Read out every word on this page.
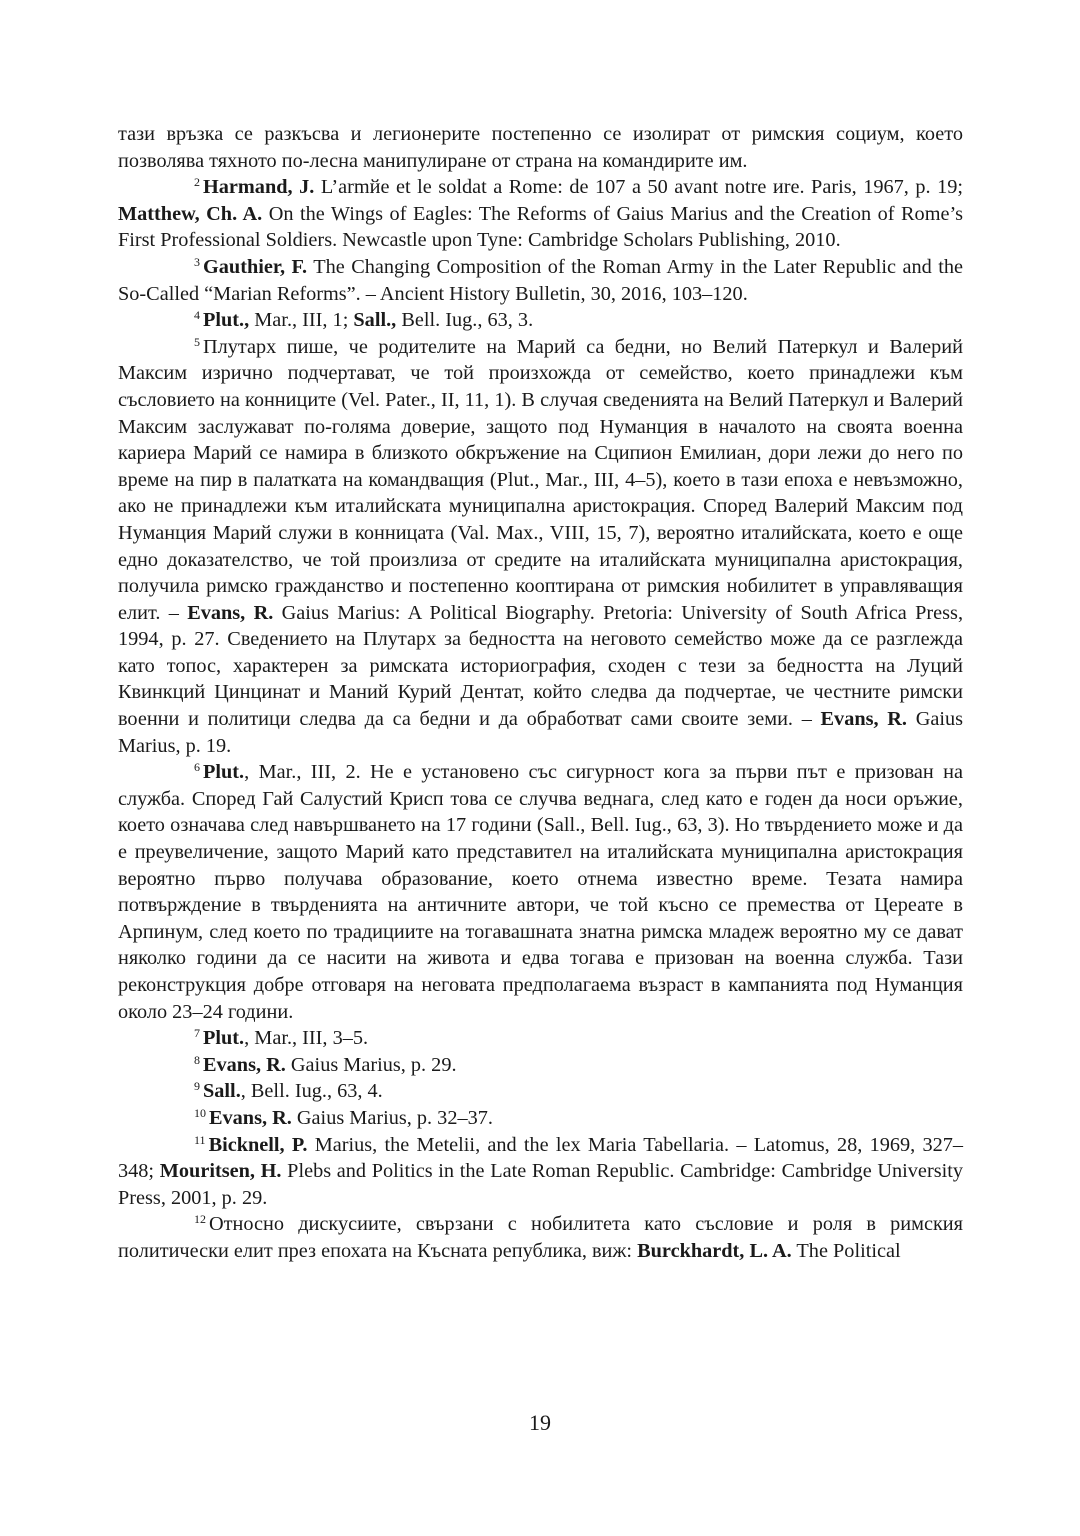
тази връзка се разкъсва и легионерите постепенно се изолират от римския социум, което позволява тяхното по-лесна манипулиране от страна на командирите им.

$^2$ Harmand, J. L’armйe et le soldat a Rome: de 107 a 50 avant notre иre. Paris, 1967, p. 19; Matthew, Ch. A. On the Wings of Eagles: The Reforms of Gaius Marius and the Creation of Rome’s First Professional Soldiers. Newcastle upon Tyne: Cambridge Scholars Publishing, 2010.

$^3$ Gauthier, F. The Changing Composition of the Roman Army in the Later Republic and the So-Called “Marian Reforms”. – Ancient History Bulletin, 30, 2016, 103–120.

$^4$ Plut., Mar., III, 1; Sall., Bell. Iug., 63, 3.

$^5$ Плутарх пише, че родителите на Марий са бедни, но Велий Патеркул и Валерий Максим изрично подчертават, че той произхожда от семейство, което принадлежи към съсловието на конниците (Vel. Pater., II, 11, 1). В случая сведенията на Велий Патеркул и Валерий Максим заслужават по-голяма доверие, защото под Нуманция в началото на своята военна кариера Марий се намира в близкото обкръжение на Сципион Емилиан, дори лежи до него по време на пир в палатката на командващия (Plut., Mar., III, 4–5), което в тази епоха е невъзможно, ако не принадлежи към италийската муниципална аристокрация. Според Валерий Максим под Нуманция Марий служи в конницата (Val. Max., VIII, 15, 7), вероятно италийската, което е още едно доказателство, че той произлиза от средите на италийската муниципална аристокрация, получила римско гражданство и постепенно кооптирана от римския нобилитет в управляващия елит. – Evans, R. Gaius Marius: A Political Biography. Pretoria: University of South Africa Press, 1994, p. 27. Сведението на Плутарх за бедността на неговото семейство може да се разглежда като топос, характерен за римската историография, сходен с тези за бедността на Луций Квинкций Цинцинат и Маний Курий Дентат, който следва да подчертае, че честните римски военни и политици следва да са бедни и да обработват сами своите земи. – Evans, R. Gaius Marius, p. 19.

$^6$ Plut., Mar., III, 2. Не е установено със сигурност кога за първи път е призован на служба. Според Гай Салустий Крисп това се случва веднага, след като е годен да носи оръжие, което означава след навършването на 17 години (Sall., Bell. Iug., 63, 3). Но твърдението може и да е преувеличение, защото Марий като представител на италийската муниципална аристокрация вероятно първо получава образование, което отнема известно време. Тезата намира потвърждение в твърденията на античните автори, че той късно се премества от Цереате в Арпинум, след което по традициите на тогавашната знатна римска младеж вероятно му се дават няколко години да се насити на живота и едва тогава е призован на военна служба. Тази реконструкция добре отговаря на неговата предполагаема възраст в кампанията под Нуманция около 23–24 години.

$^7$ Plut., Mar., III, 3–5.

$^8$ Evans, R. Gaius Marius, p. 29.

$^9$ Sall., Bell. Iug., 63, 4.

$^{10}$ Evans, R. Gaius Marius, p. 32–37.

$^{11}$ Bicknell, P. Marius, the Metelii, and the lex Maria Tabellaria. – Latomus, 28, 1969, 327–348; Mouritsen, H. Plebs and Politics in the Late Roman Republic. Cambridge: Cambridge University Press, 2001, p. 29.

$^{12}$ Относно дискусиите, свързани с нобилитета като съсловие и роля в римския политически елит през епохата на Късната република, виж: Burckhardt, L. A. The Political

19
